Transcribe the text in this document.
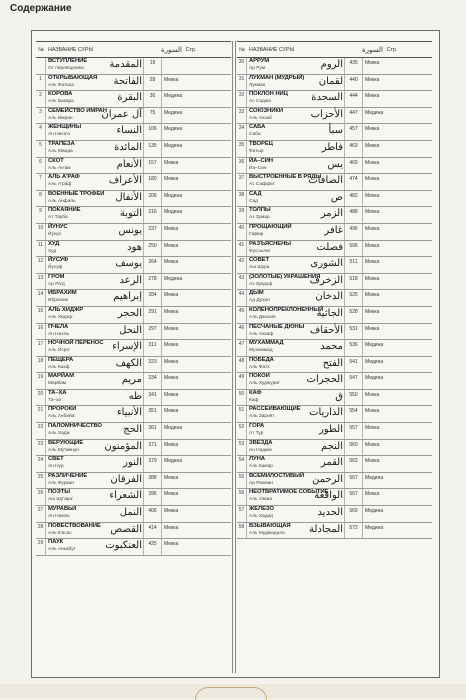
Содержание
№ НАЗВАНИЕ СУРЫ	السورة Стр.
ВСТУПЛЕНИЕ
От переводчика	المقدمة	19
1	ОТКРЫВАЮЩАЯ
Аль Фатиха	الفاتحة	28	Мекка
2	КОРОВА
Аль Бакара	البقرة	30	Медина
3	СЕМЕЙСТВО ИМРАН
Аль Имран	آل عمران	75	Медина
4	ЖЕНЩИНЫ
Ан Ниса'а	النساء	106	Медина
5	ТРАПЕЗА
Аль Маида	المائدة	135	Медина
6	СКОТ
Аль Ан'ам	الأنعام	157	Мекка
7	АЛЬ А'РАФ
Аль А'раф	الأعراف	180	Мекка
8	ВОЕННЫЕ ТРОФЕИ
Аль Анфаль	الأنفال	206	Медина
9	ПОКАЯНИЕ
Ат Тауба	التوبة	216	Медина
10 ЙУНУС
Йунус	يونس	237	Мекка
11 ХУД
Худ	هود	250	Мекка
12 ЙУСУФ
Йусуф	يوسف	264	Мекка
13 ГРОМ
Ар Ра'д	الرعد	278	Медина
14 ИБРАХИМ
Ибрахим	إبراهيم	284	Мекка
15 АЛЬ ХИДЖР
Аль Хиджр	الحجر	291	Мекка
16 ПЧЕЛА
Ан Нахль	النحل	297	Мекка
17 НОЧНОЙ ПЕРЕНОС
Аль Исра'	الإسراء	311	Мекка
18 ПЕЩЕРА
Аль Кахф	الكهف	323	Мекка
19 МАРЙАМ
Марйам	مريم	334	Мекка
20 ТА–ХА
Та–ха	طه	341	Мекка
21 ПРОРОКИ
Аль Анбийа'	الأنبياء	351	Мекка
22 ПАЛОМНИЧЕСТВО
Аль Хадж	الحج	361	Медина
23 ВЕРУЮЩИЕ
Аль Му'минун	المؤمنون	371	Мекка
24 СВЕТ
Ан Нур	النور	379	Медина
25 РАЗЛИЧЕНИЕ
Аль Фуркан	الفرقان	388	Мекка
26 ПОЭТЫ
Аш Шу'ара'	الشعراء	396	Мекка
27 МУРАВЬИ
Ан Намль	النمل	406	Мекка
28 ПОВЕСТВОВАНИЕ
Аль К'асас	القصص	414	Мекка
29 ПАУК
Аль Анкабут	العنكبوت	425	Мекка
№ НАЗВАНИЕ СУРЫ	السورة Стр.
30 АРРУМ
Ар Рум	الروم	435	Мекка
31 ЛУКМАН (МУДРЫЙ)
Лукман	لقمان	440	Мекка
32 ПОКЛОН НИЦ
Ас Саджа	السجدة	444	Мекка
33 СОЮЗНИКИ
Аль Ахзаб	الأحزاب	447	Медина
34 САБА
Саба	سبأ	457	Мекка
35 ТВОРЕЦ
Фатыр	فاطر	463	Мекка
36 ЙА–СИН
Йа–Син	يس	469	Мекка
37 ВЫСТРОЕННЫЕ В РЯДЫ
Ас Саффат	الصافات	474	Мекка
38 САД
Сад	ص	482	Мекка
39 ТОЛПЫ
Аз Зумар	الزمر	488	Мекка
40 ПРОЩАЮЩИЙ
Гафир	غافر	496	Мекка
41 РАЗЪЯСНЕНЫ
Фуссылат	فصلت	506	Мекка
42 СОВЕТ
Аш Шура	الشورى	511	Мекка
43 (ЗОЛОТЫЕ) УКРАШЕНИЯ
Аз Зухруф	الزخرف	518	Мекка
44 ДЫМ
Ад Духан	الدخان	525	Мекка
45 КОЛЕНОПРЕКЛОНЕННЫЙ
Аль Джасия	الجاثية	528	Мекка
46 ПЕСЧАНЫЕ ДЮНЫ
Аль Ахкаф	الأحقاف	531	Мекка
47 МУХАММАД
Мухаммад	محمد	536	Медина
48 ПОБЕДА
Аль Фатх	الفتح	541	Медина
49 ПОКОИ
Аль Худжурат	الحجرات	547	Медина
50 КАФ
Каф	ق	550	Мекка
51 РАССЕИВАЮЩИЕ
Аль Зарият	الذاريات	554	Мекка
52 ГОРА
Ат Тур	الطور	557	Мекка
53 ЗВЕЗДА
Ан Наджм	النجم	560	Мекка
54 ЛУНА
Аль Камар	القمر	563	Мекка
55 ВСЕМИЛОСТИВЫЙ
Ар Рахман	الرحمن	567	Медина
56 НЕОТВРАТИМОЕ СОБЫТИЕ
Аль Уакиа	الواقعة	567	Мекка
57 ЖЕЛЕЗО
Аль Хадид	الحديد	569	Медина
58 ВЗЫВАЮЩАЯ
Аль Муджадила المجادلة	572	Медина
